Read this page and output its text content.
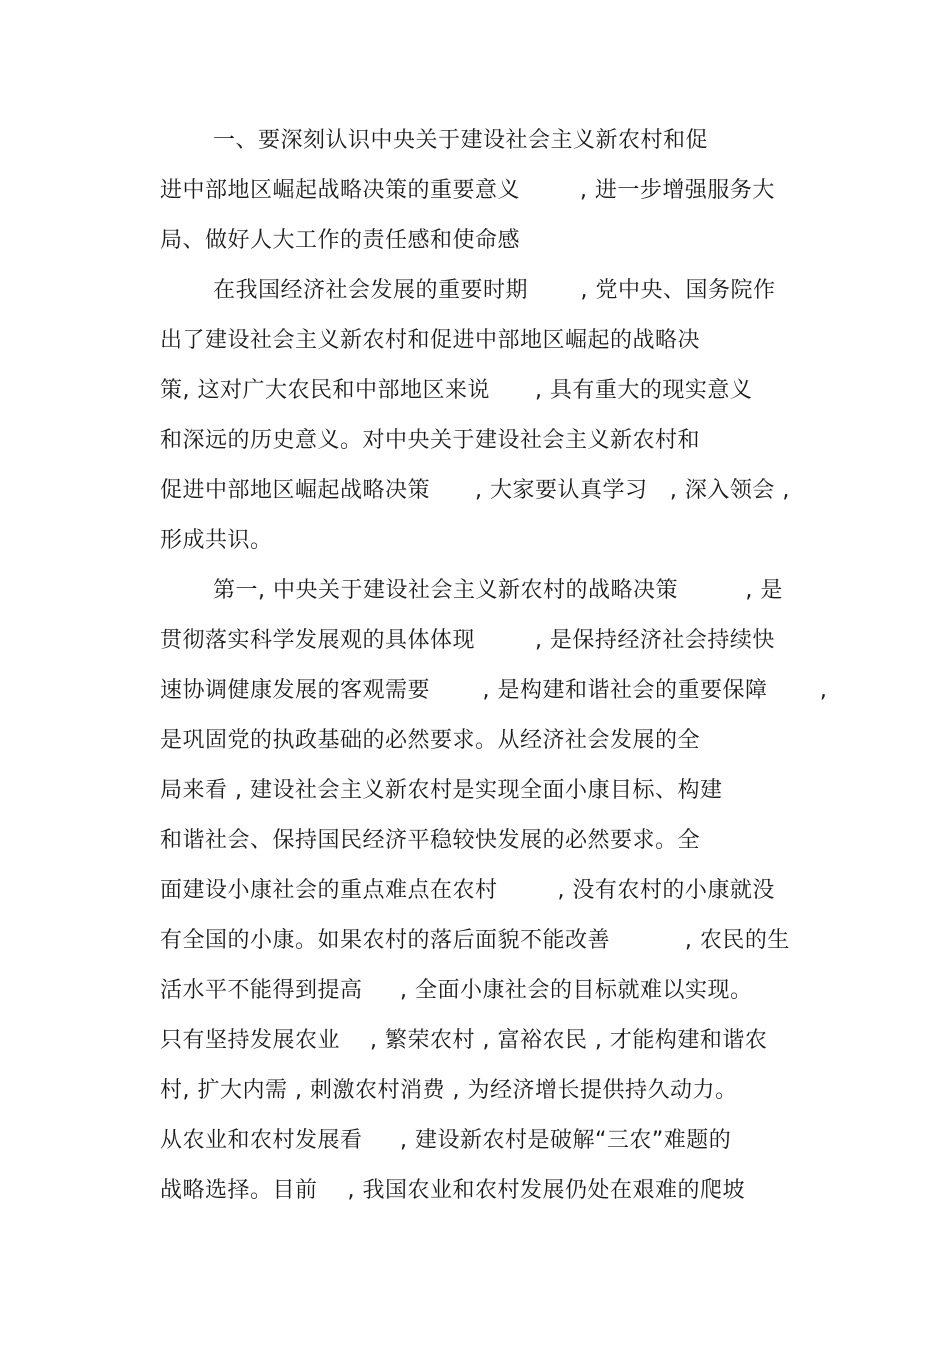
一、要深刻认识中央关于建设社会主义新农村和促
进中部地区崛起战略决策的重要意义        , 进一步增强服务大
局、做好人大工作的责任感和使命感
在我国经济社会发展的重要时期       , 党中央、国务院作
出了建设社会主义新农村和促进中部地区崛起的战略决
策, 这对广大农民和中部地区来说      , 具有重大的现实意义
和深远的历史意义。对中央关于建设社会主义新农村和
促进中部地区崛起战略决策      , 大家要认真学习   , 深入领会 ,
形成共识。
第一, 中央关于建设社会主义新农村的战略决策         , 是
贯彻落实科学发展观的具体体现        , 是保持经济社会持续快
速协调健康发展的客观需要       , 是构建和谐社会的重要保障       ,
是巩固党的执政基础的必然要求。从经济社会发展的全
局来看 , 建设社会主义新农村是实现全面小康目标、构建
和谐社会、保持国民经济平稳较快发展的必然要求。全
面建设小康社会的重点难点在农村        , 没有农村的小康就没
有全国的小康。如果农村的落后面貌不能改善          , 农民的生
活水平不能得到提高     , 全面小康社会的目标就难以实现。
只有坚持发展农业    , 繁荣农村 , 富裕农民 , 才能构建和谐农
村, 扩大内需 , 刺激农村消费 , 为经济增长提供持久动力。
从农业和农村发展看     , 建设新农村是破解“三农”难题的
战略选择。目前    , 我国农业和农村发展仍处在艰难的爬坡
